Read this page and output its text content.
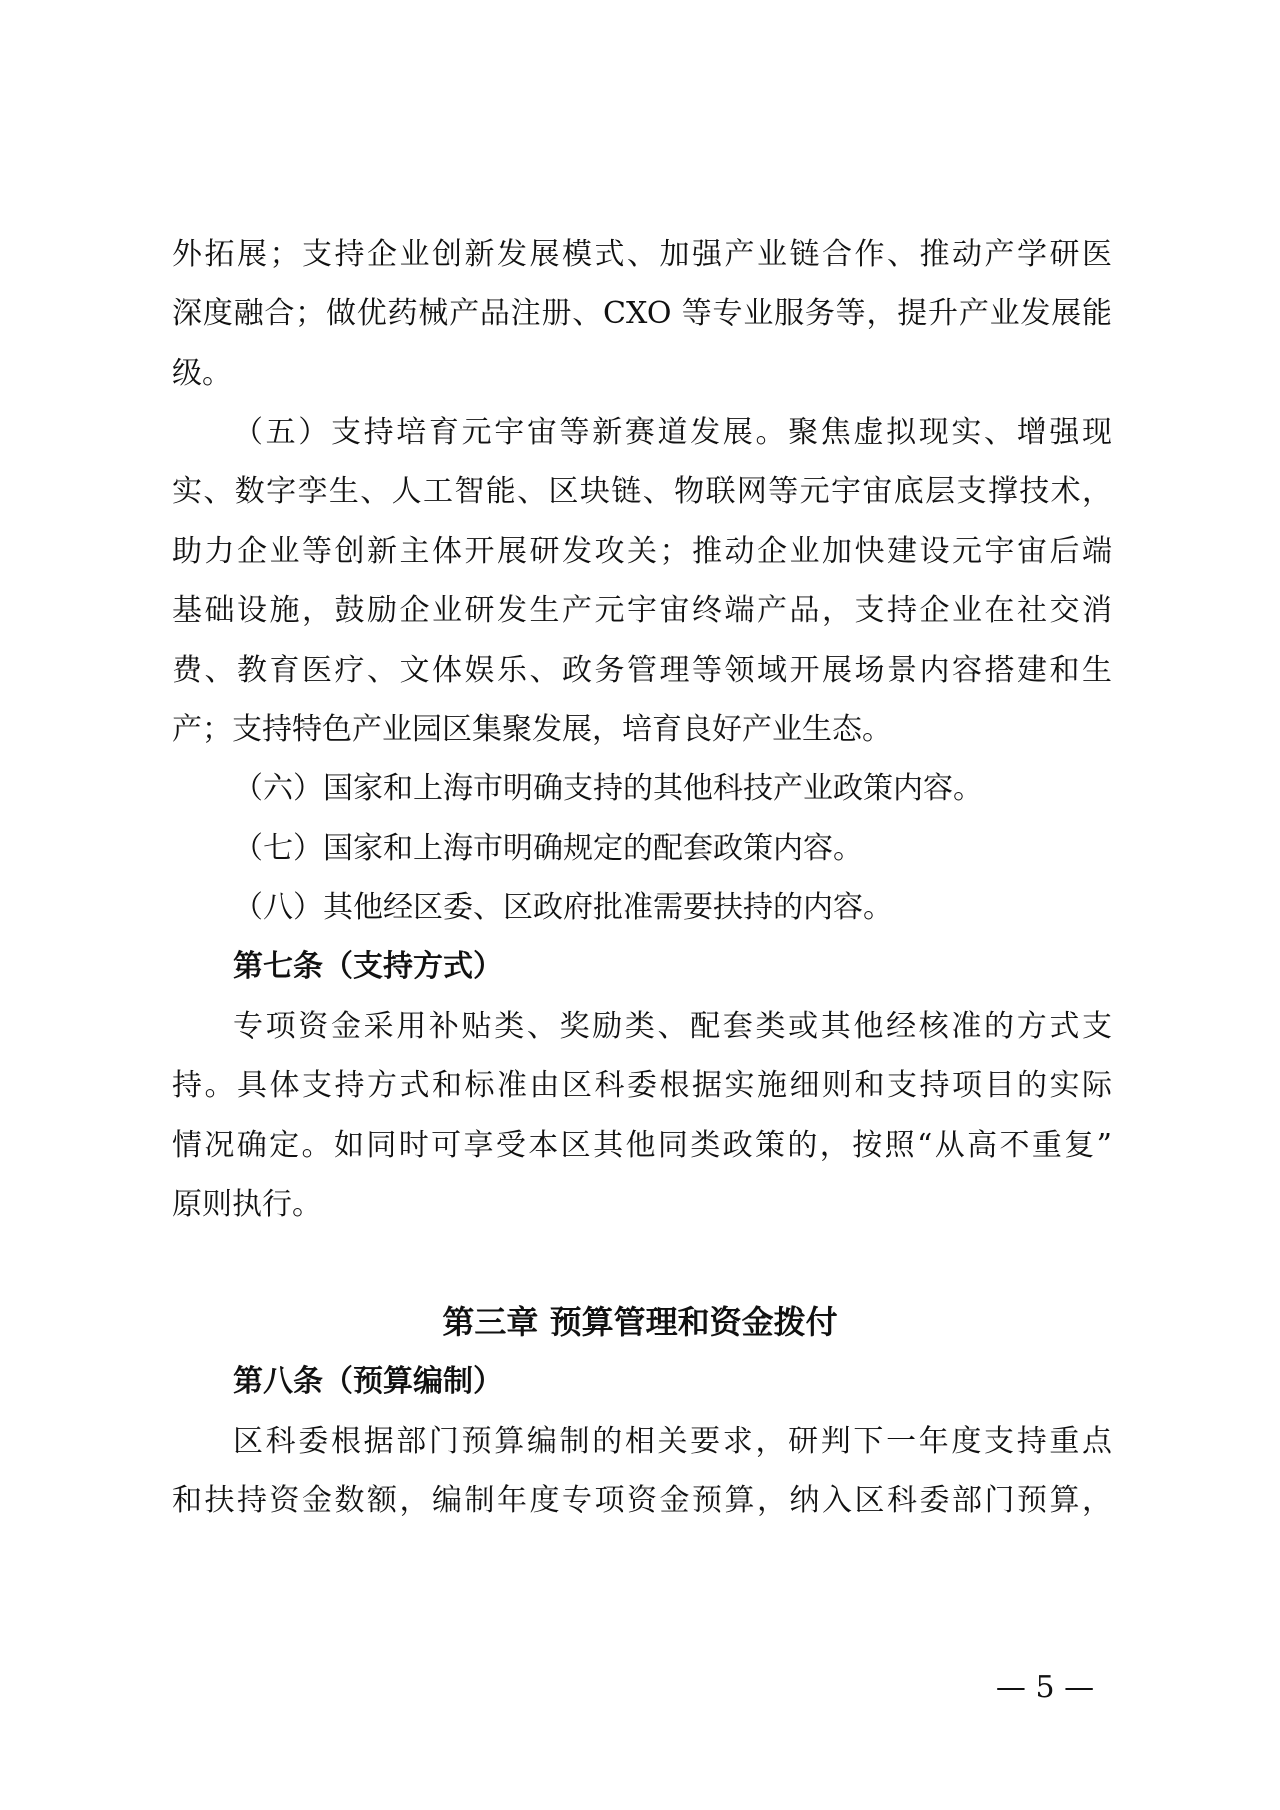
外拓展；支持企业创新发展模式、加强产业链合作、推动产学研医
深度融合；做优药械产品注册、CXO 等专业服务等，提升产业发展能
级。
（五）支持培育元宇宙等新赛道发展。聚焦虚拟现实、增强现
实、数字孪生、人工智能、区块链、物联网等元宇宙底层支撑技术，
助力企业等创新主体开展研发攻关；推动企业加快建设元宇宙后端
基础设施，鼓励企业研发生产元宇宙终端产品，支持企业在社交消
费、教育医疗、文体娱乐、政务管理等领域开展场景内容搭建和生
产；支持特色产业园区集聚发展，培育良好产业生态。
（六）国家和上海市明确支持的其他科技产业政策内容。
（七）国家和上海市明确规定的配套政策内容。
（八）其他经区委、区政府批准需要扶持的内容。
第七条（支持方式）
专项资金采用补贴类、奖励类、配套类或其他经核准的方式支
持。具体支持方式和标准由区科委根据实施细则和支持项目的实际
情况确定。如同时可享受本区其他同类政策的，按照“从高不重复”
原则执行。
第三章 预算管理和资金拨付
第八条（预算编制）
区科委根据部门预算编制的相关要求，研判下一年度支持重点
和扶持资金数额，编制年度专项资金预算，纳入区科委部门预算，
— 5 —
